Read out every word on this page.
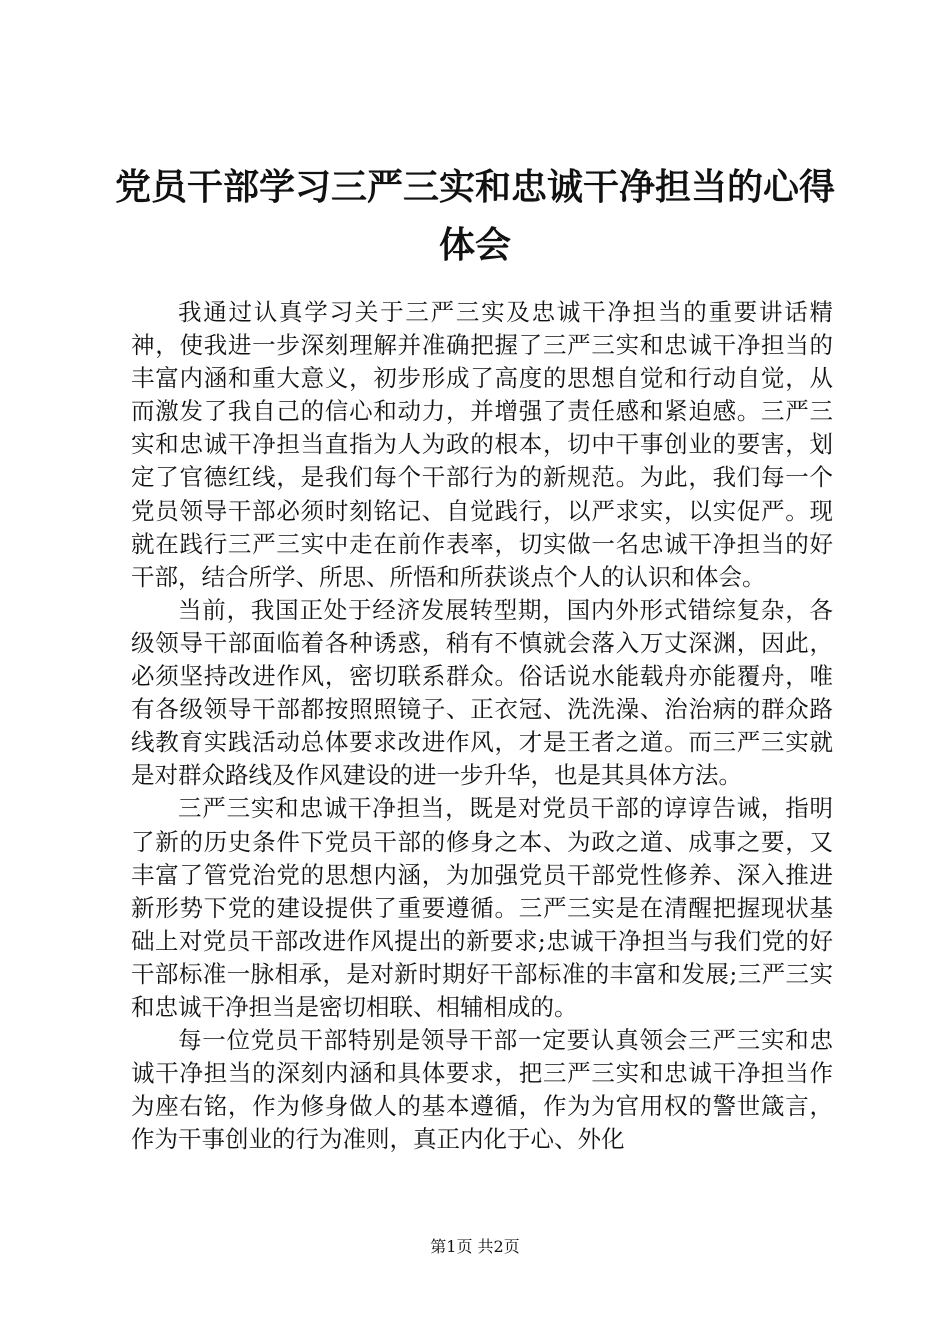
党员干部学习三严三实和忠诚干净担当的心得体会

我通过认真学习关于三严三实及忠诚干净担当的重要讲话精神，使我进一步深刻理解并准确把握了三严三实和忠诚干净担当的丰富内涵和重大意义，初步形成了高度的思想自觉和行动自觉，从而激发了我自己的信心和动力，并增强了责任感和紧迫感。三严三实和忠诚干净担当直指为人为政的根本，切中干事创业的要害，划定了官德红线，是我们每个干部行为的新规范。为此，我们每一个党员领导干部必须时刻铭记、自觉践行，以严求实，以实促严。现就在践行三严三实中走在前作表率，切实做一名忠诚干净担当的好干部，结合所学、所思、所悟和所获谈点个人的认识和体会。

当前，我国正处于经济发展转型期，国内外形式错综复杂，各级领导干部面临着各种诱惑，稍有不慎就会落入万丈深渊，因此，必须坚持改进作风，密切联系群众。俗话说水能载舟亦能覆舟，唯有各级领导干部都按照照镜子、正衣冠、洗洗澡、治治病的群众路线教育实践活动总体要求改进作风，才是王者之道。而三严三实就是对群众路线及作风建设的进一步升华，也是其具体方法。

三严三实和忠诚干净担当，既是对党员干部的谆谆告诫，指明了新的历史条件下党员干部的修身之本、为政之道、成事之要，又丰富了管党治党的思想内涵，为加强党员干部党性修养、深入推进新形势下党的建设提供了重要遵循。三严三实是在清醒把握现状基础上对党员干部改进作风提出的新要求;忠诚干净担当与我们党的好干部标准一脉相承，是对新时期好干部标准的丰富和发展;三严三实和忠诚干净担当是密切相联、相辅相成的。

每一位党员干部特别是领导干部一定要认真领会三严三实和忠诚干净担当的深刻内涵和具体要求，把三严三实和忠诚干净担当作为座右铭，作为修身做人的基本遵循，作为为官用权的警世箴言，作为干事创业的行为准则，真正内化于心、外化

第1页 共2页
